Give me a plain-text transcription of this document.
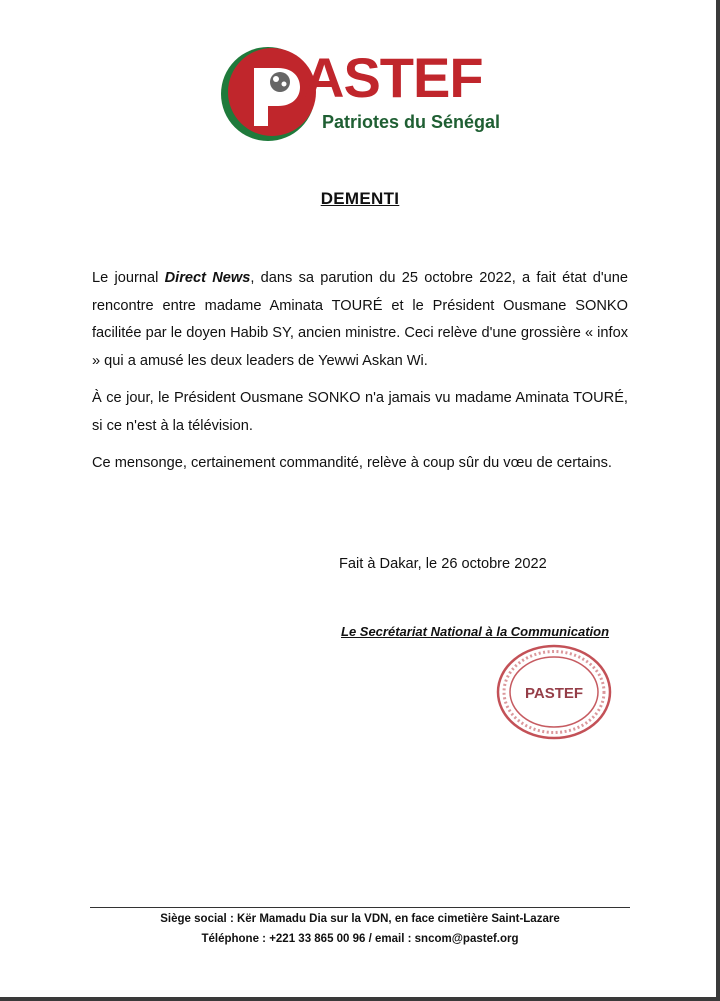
ASTEF
Patriotes du Sénégal
DEMENTI

Le journal Direct News, dans sa parution du 25 octobre 2022, a fait état d'une rencontre entre madame Aminata TOURÉ et le Président Ousmane SONKO facilitée par le doyen Habib SY, ancien ministre. Ceci relève d'une grossière « infox » qui a amusé les deux leaders de Yewwi Askan Wi.

À ce jour, le Président Ousmane SONKO n'a jamais vu madame Aminata TOURÉ, si ce n'est à la télévision.

Ce mensonge, certainement commandité, relève à coup sûr du vœu de certains.

Fait à Dakar, le 26 octobre 2022
Le Secrétariat National à la Communication
PASTEF
Siège social : Kër Mamadu Dia sur la VDN, en face cimetière Saint-Lazare
Téléphone : +221 33 865 00 96 / email : sncom@pastef.org
